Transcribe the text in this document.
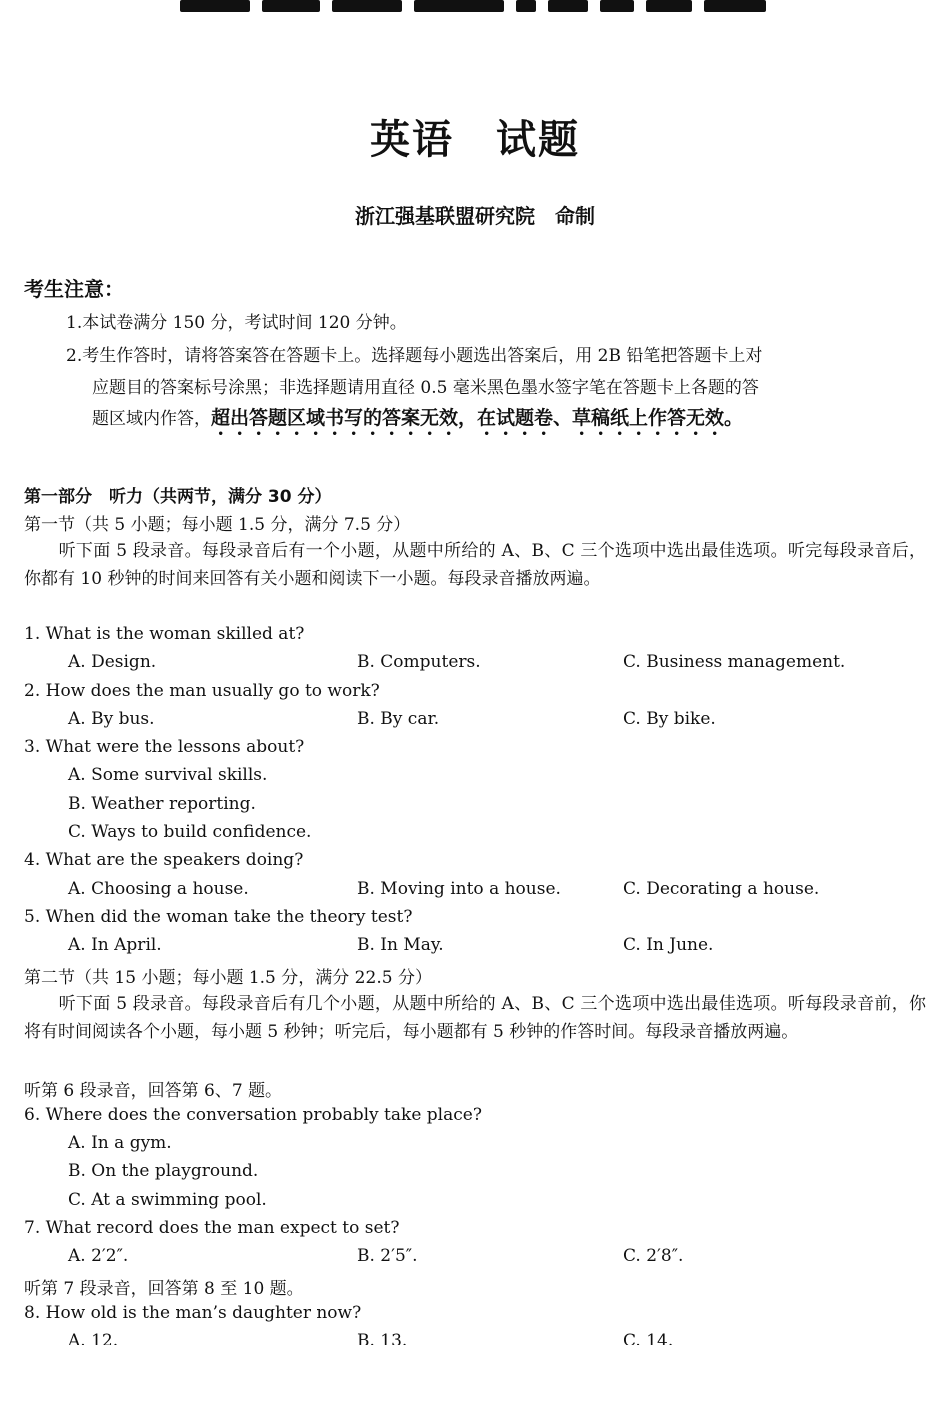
英语　试题
浙江强基联盟研究院　命制
考生注意：
1.本试卷满分 150 分，考试时间 120 分钟。
2.考生作答时，请将答案答在答题卡上。选择题每小题选出答案后，用 2B 铅笔把答题卡上对
应题目的答案标号涂黑；非选择题请用直径 0.5 毫米黑色墨水签字笔在答题卡上各题的答
题区域内作答，超出答题区域书写的答案无效，在试题卷、草稿纸上作答无效。
第一部分　听力（共两节，满分 30 分）
第一节（共 5 小题；每小题 1.5 分，满分 7.5 分）
　　听下面 5 段录音。每段录音后有一个小题，从题中所给的 A、B、C 三个选项中选出最佳选项。听完每段录音后，你都有 10 秒钟的时间来回答有关小题和阅读下一小题。每段录音播放两遍。
1. What is the woman skilled at?
A. Design.	B. Computers.	C. Business management.
2. How does the man usually go to work?
A. By bus.	B. By car.	C. By bike.
3. What were the lessons about?
A. Some survival skills.
B. Weather reporting.
C. Ways to build confidence.
4. What are the speakers doing?
A. Choosing a house.	B. Moving into a house.	C. Decorating a house.
5. When did the woman take the theory test?
A. In April.	B. In May.	C. In June.
第二节（共 15 小题；每小题 1.5 分，满分 22.5 分）
　　听下面 5 段录音。每段录音后有几个小题，从题中所给的 A、B、C 三个选项中选出最佳选项。听每段录音前，你将有时间阅读各个小题，每小题 5 秒钟；听完后，每小题都有 5 秒钟的作答时间。每段录音播放两遍。
听第 6 段录音，回答第 6、7 题。
6. Where does the conversation probably take place?
A. In a gym.
B. On the playground.
C. At a swimming pool.
7. What record does the man expect to set?
A. 2′2″.	B. 2′5″.	C. 2′8″.
听第 7 段录音，回答第 8 至 10 题。
8. How old is the man’s daughter now?
A. 12.	B. 13.	C. 14.
